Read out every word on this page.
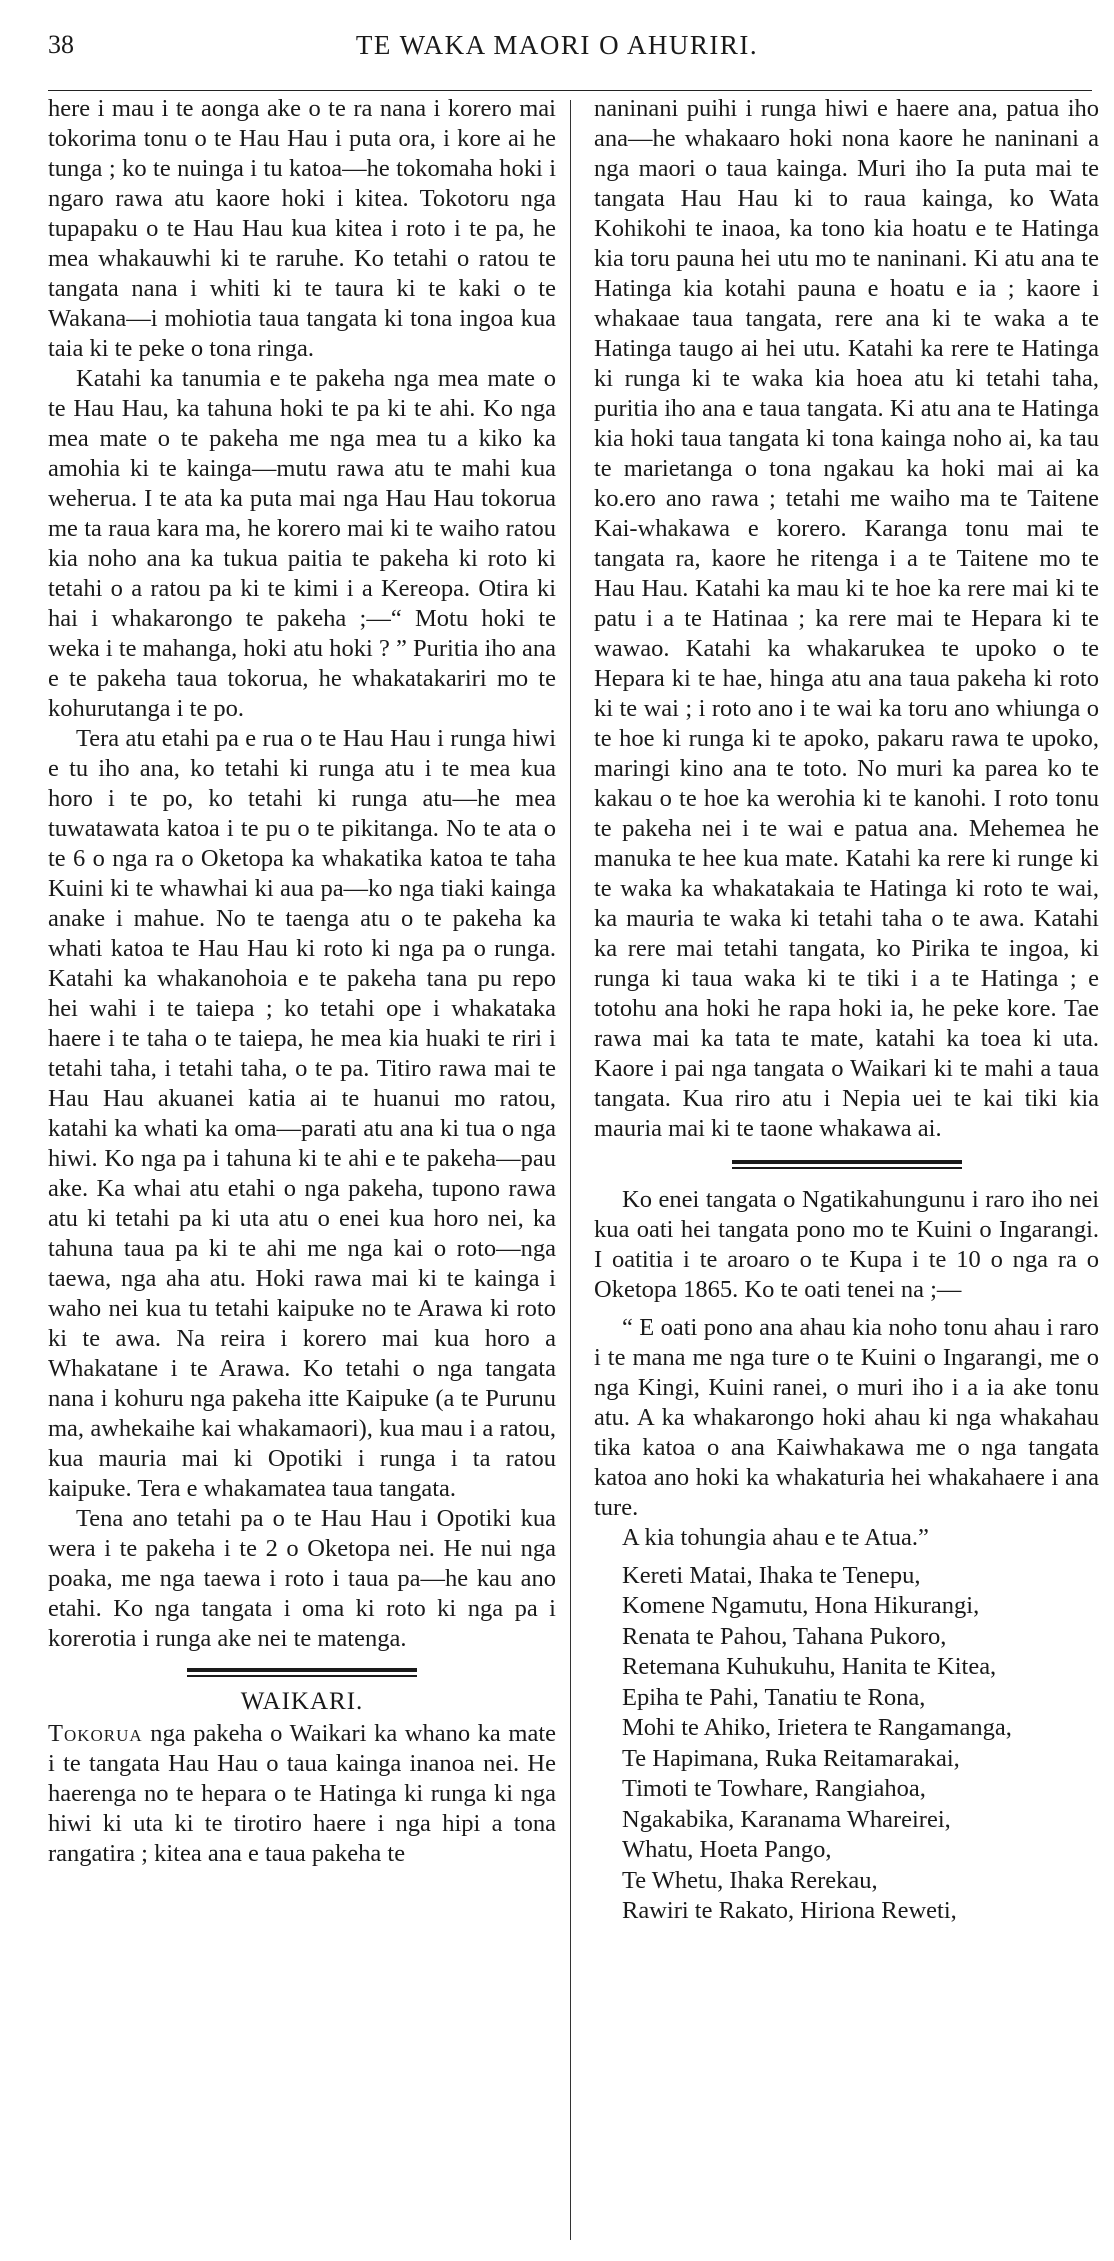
38	TE WAKA MAORI O AHURIRI.

here i mau i te aonga ake o te ra nana i korero mai tokorima tonu o te Hau Hau i puta ora, i kore ai he tunga ; ko te nuinga i tu katoa—he tokomaha hoki i ngaro rawa atu kaore hoki i kitea. Tokotoru nga tupapaku o te Hau Hau kua kitea i roto i te pa, he mea whakauwhi ki te raruhe. Ko tetahi o ratou te tangata nana i whiti ki te taura ki te kaki o te Wakana—i mohiotia taua tangata ki tona ingoa kua taia ki te peke o tona ringa.

Katahi ka tanumia e te pakeha nga mea mate o te Hau Hau, ka tahuna hoki te pa ki te ahi. Ko nga mea mate o te pakeha me nga mea tu a kiko ka amohia ki te kainga—mutu rawa atu te mahi kua weherua. I te ata ka puta mai nga Hau Hau tokorua me ta raua kara ma, he korero mai ki te waiho ratou kia noho ana ka tukua paitia te pakeha ki roto ki tetahi o a ratou pa ki te kimi i a Kereopa. Otira ki hai i whakarongo te pakeha ;—“ Motu hoki te weka i te mahanga, hoki atu hoki ? ” Puritia iho ana e te pakeha taua tokorua, he whakatakariri mo te kohurutanga i te po.

Tera atu etahi pa e rua o te Hau Hau i runga hiwi e tu iho ana, ko tetahi ki runga atu i te mea kua horo i te po, ko tetahi ki runga atu—he mea tuwatawata katoa i te pu o te pikitanga. No te ata o te 6 o nga ra o Oketopa ka whakatika katoa te taha Kuini ki te whawhai ki aua pa—ko nga tiaki kainga anake i mahue. No te taenga atu o te pakeha ka whati katoa te Hau Hau ki roto ki nga pa o runga. Katahi ka whakanohoia e te pakeha tana pu repo hei wahi i te taiepa ; ko tetahi ope i whakataka haere i te taha o te taiepa, he mea kia huaki te riri i tetahi taha, i tetahi taha, o te pa. Titiro rawa mai te Hau Hau akuanei katia ai te huanui mo ratou, katahi ka whati ka oma—parati atu ana ki tua o nga hiwi. Ko nga pa i tahuna ki te ahi e te pakeha—pau ake. Ka whai atu etahi o nga pakeha, tupono rawa atu ki tetahi pa ki uta atu o enei kua horo nei, ka tahuna taua pa ki te ahi me nga kai o roto—nga taewa, nga aha atu. Hoki rawa mai ki te kainga i waho nei kua tu tetahi kaipuke no te Arawa ki roto ki te awa. Na reira i korero mai kua horo a Whakatane i te Arawa. Ko tetahi o nga tangata nana i kohuru nga pakeha itte Kaipuke (a te Purunu ma, awhekaihe kai whakamaori), kua mau i a ratou, kua mauria mai ki Opotiki i runga i ta ratou kaipuke. Tera e whakamatea taua tangata.

Tena ano tetahi pa o te Hau Hau i Opotiki kua wera i te pakeha i te 2 o Oketopa nei. He nui nga poaka, me nga taewa i roto i taua pa—he kau ano etahi. Ko nga tangata i oma ki roto ki nga pa i korerotia i runga ake nei te matenga.

WAIKARI.

Tokorua nga pakeha o Waikari ka whano ka mate i te tangata Hau Hau o taua kainga inanoa nei. He haerenga no te hepara o te Hatinga ki runga ki nga hiwi ki uta ki te tirotiro haere i nga hipi a tona rangatira ; kitea ana e taua pakeha te

naninani puihi i runga hiwi e haere ana, patua iho ana—he whakaaro hoki nona kaore he naninani a nga maori o taua kainga. Muri iho Ia puta mai te tangata Hau Hau ki to raua kainga, ko Wata Kohikohi te inaoa, ka tono kia hoatu e te Hatinga kia toru pauna hei utu mo te naninani. Ki atu ana te Hatinga kia kotahi pauna e hoatu e ia ; kaore i whakaae taua tangata, rere ana ki te waka a te Hatinga taugo ai hei utu. Katahi ka rere te Hatinga ki runga ki te waka kia hoea atu ki tetahi taha, puritia iho ana e taua tangata. Ki atu ana te Hatinga kia hoki taua tangata ki tona kainga noho ai, ka tau te marietanga o tona ngakau ka hoki mai ai ka ko.ero ano rawa ; tetahi me waiho ma te Taitene Kai-whakawa e korero. Karanga tonu mai te tangata ra, kaore he ritenga i a te Taitene mo te Hau Hau. Katahi ka mau ki te hoe ka rere mai ki te patu i a te Hatinaa ; ka rere mai te Hepara ki te wawao. Katahi ka whakarukea te upoko o te Hepara ki te hae, hinga atu ana taua pakeha ki roto ki te wai ; i roto ano i te wai ka toru ano whiunga o te hoe ki runga ki te apoko, pakaru rawa te upoko, maringi kino ana te toto. No muri ka parea ko te kakau o te hoe ka werohia ki te kanohi. I roto tonu te pakeha nei i te wai e patua ana. Mehemea he manuka te hee kua mate. Katahi ka rere ki runge ki te waka ka whakatakaia te Hatinga ki roto te wai, ka mauria te waka ki tetahi taha o te awa. Katahi ka rere mai tetahi tangata, ko Pirika te ingoa, ki runga ki taua waka ki te tiki i a te Hatinga ; e totohu ana hoki he rapa hoki ia, he peke kore. Tae rawa mai ka tata te mate, katahi ka toea ki uta. Kaore i pai nga tangata o Waikari ki te mahi a taua tangata. Kua riro atu i Nepia uei te kai tiki kia mauria mai ki te taone whakawa ai.

Ko enei tangata o Ngatikahungunu i raro iho nei kua oati hei tangata pono mo te Kuini o Ingarangi. I oatitia i te aroaro o te Kupa i te 10 o nga ra o Oketopa 1865. Ko te oati tenei na ;—

“ E oati pono ana ahau kia noho tonu ahau i raro i te mana me nga ture o te Kuini o Ingarangi, me o nga Kingi, Kuini ranei, o muri iho i a ia ake tonu atu. A ka whakarongo hoki ahau ki nga whakahau tika katoa o ana Kaiwhakawa me o nga tangata katoa ano hoki ka whakaturia hei whakahaere i ana ture.

A kia tohungia ahau e te Atua.”

Kereti Matai, Ihaka te Tenepu,
Komene Ngamutu, Hona Hikurangi,
Renata te Pahou, Tahana Pukoro,
Retemana Kuhukuhu, Hanita te Kitea,
Epiha te Pahi, Tanatiu te Rona,
Mohi te Ahiko, Irietera te Rangamanga,
Te Hapimana, Ruka Reitamarakai,
Timoti te Towhare, Rangiahoa,
Ngakabika, Karanama Whareirei,
Whatu, Hoeta Pango,
Te Whetu, Ihaka Rerekau,
Rawiri te Rakato, Hiriona Reweti,
